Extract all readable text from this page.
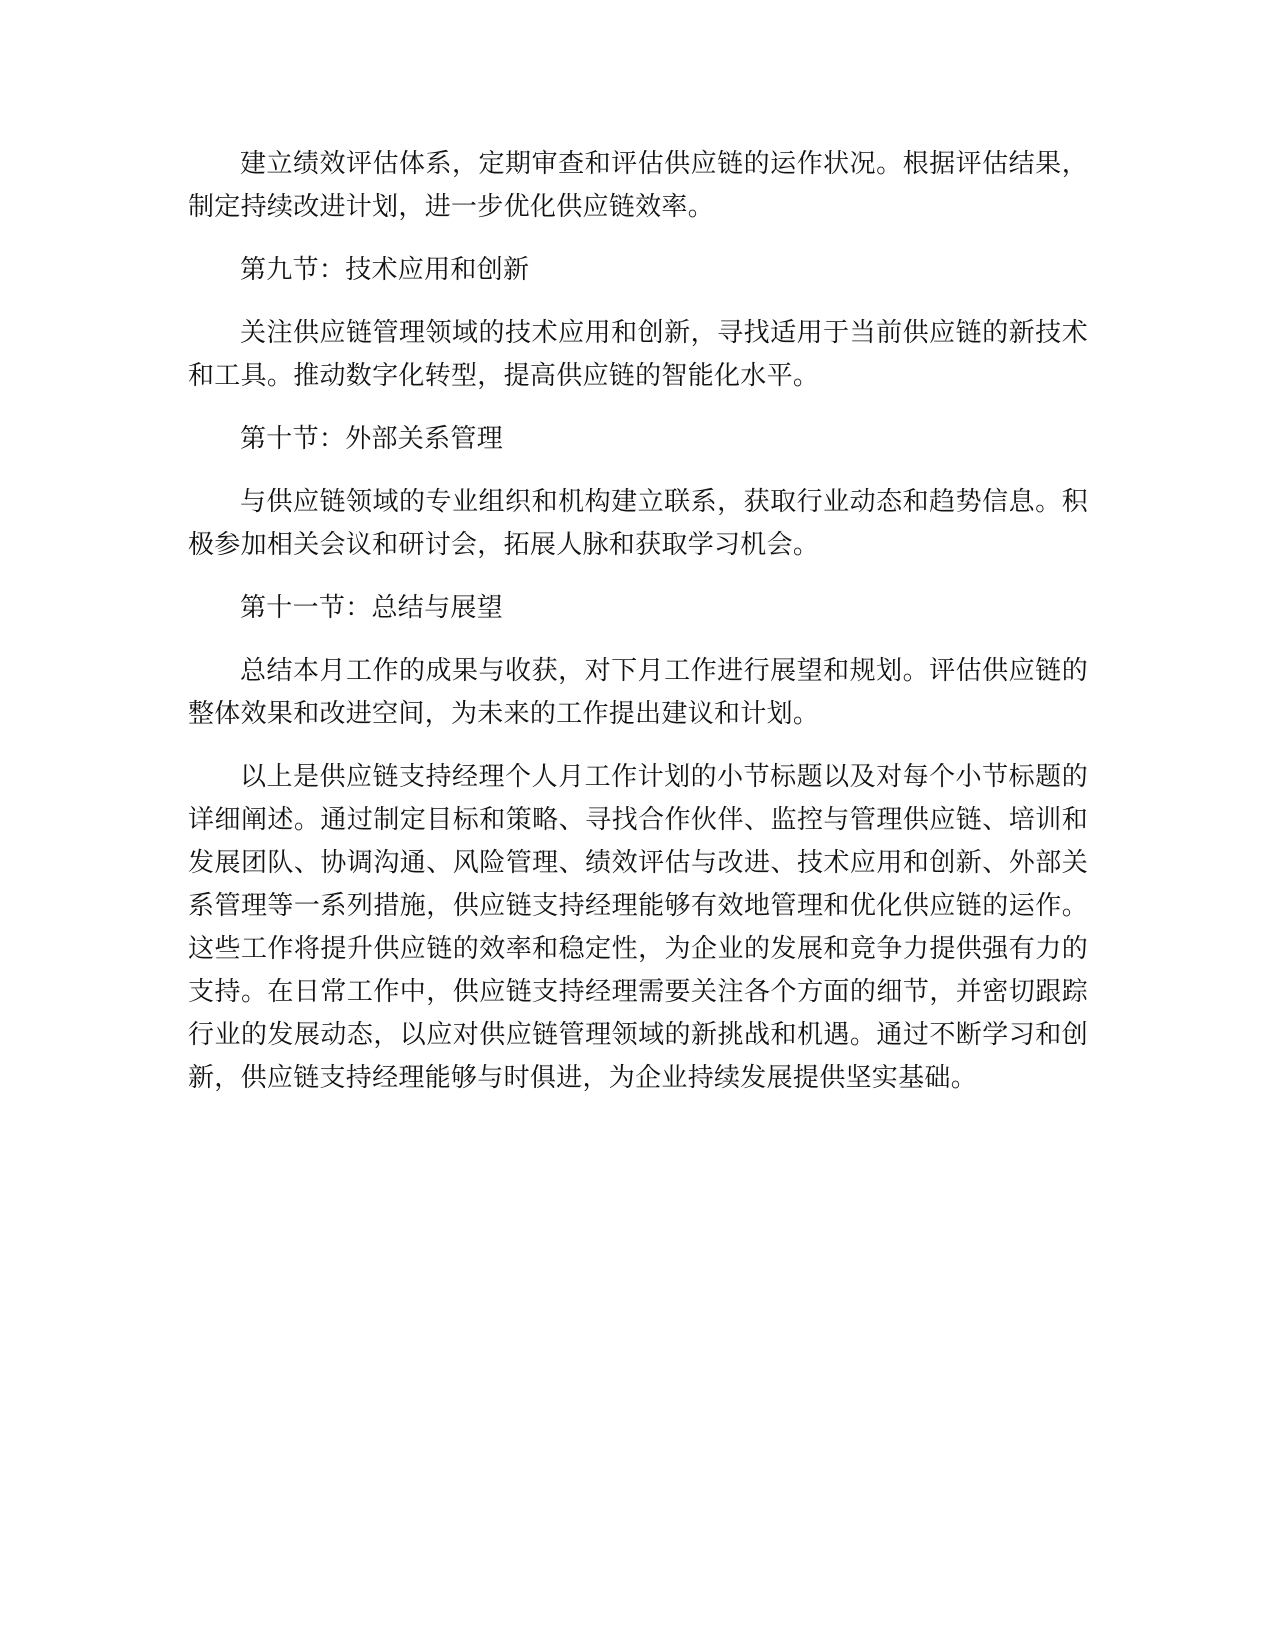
建立绩效评估体系，定期审查和评估供应链的运作状况。根据评估结果，制定持续改进计划，进一步优化供应链效率。

第九节：技术应用和创新

关注供应链管理领域的技术应用和创新，寻找适用于当前供应链的新技术和工具。推动数字化转型，提高供应链的智能化水平。

第十节：外部关系管理

与供应链领域的专业组织和机构建立联系，获取行业动态和趋势信息。积极参加相关会议和研讨会，拓展人脉和获取学习机会。

第十一节：总结与展望

总结本月工作的成果与收获，对下月工作进行展望和规划。评估供应链的整体效果和改进空间，为未来的工作提出建议和计划。

以上是供应链支持经理个人月工作计划的小节标题以及对每个小节标题的详细阐述。通过制定目标和策略、寻找合作伙伴、监控与管理供应链、培训和发展团队、协调沟通、风险管理、绩效评估与改进、技术应用和创新、外部关系管理等一系列措施，供应链支持经理能够有效地管理和优化供应链的运作。这些工作将提升供应链的效率和稳定性，为企业的发展和竞争力提供强有力的支持。在日常工作中，供应链支持经理需要关注各个方面的细节，并密切跟踪行业的发展动态，以应对供应链管理领域的新挑战和机遇。通过不断学习和创新，供应链支持经理能够与时俱进，为企业持续发展提供坚实基础。
